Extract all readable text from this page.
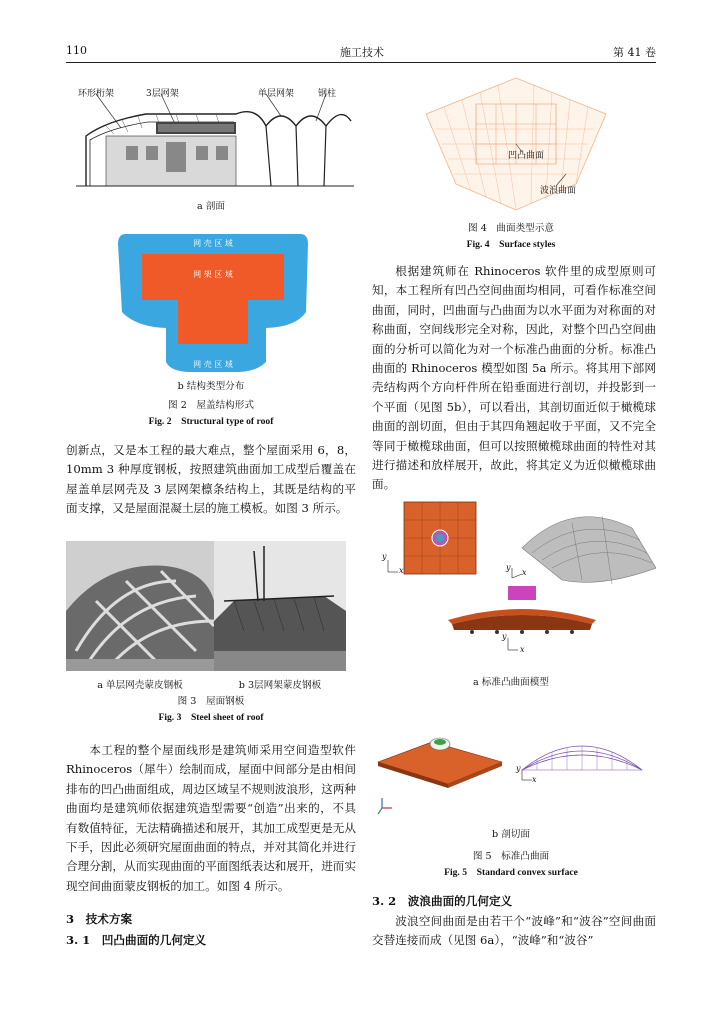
110	施工技术	第 41 卷
环形桁架	3层网架	单层网架	钢柱
a 剖面
网 壳 区 域
网 架 区 域
网 壳 区 域
b 结构类型分布
图 2　屋盖结构形式
Fig. 2　Structural type of roof

创新点，又是本工程的最大难点，整个屋面采用 6，8，10mm 3 种厚度钢板，按照建筑曲面加工成型后覆盖在屋盖单层网壳及 3 层网架檩条结构上，其既是结构的平面支撑，又是屋面混凝土层的施工模板。如图 3 所示。

a 单层网壳蒙皮钢板	b 3层网架蒙皮钢板
图 3　屋面钢板
Fig. 3　Steel sheet of roof

本工程的整个屋面线形是建筑师采用空间造型软件 Rhinoceros（犀牛）绘制而成，屋面中间部分是由相间排布的凹凸曲面组成，周边区域呈不规则波浪形，这两种曲面均是建筑师依据建筑造型需要“创造”出来的，不具有数值特征，无法精确描述和展开，其加工成型更是无从下手，因此必须研究屋面曲面的特点，并对其简化并进行合理分割，从而实现曲面的平面图纸表达和展开，进而实现空间曲面蒙皮钢板的加工。如图 4 所示。

3　技术方案
3. 1　凹凸曲面的几何定义
凹凸曲面
波浪曲面
图 4　曲面类型示意
Fig. 4　Surface styles

根据建筑师在 Rhinoceros 软件里的成型原则可知，本工程所有凹凸空间曲面均相同，可看作标准空间曲面，同时，凹曲面与凸曲面为以水平面为对称面的对称曲面，空间线形完全对称，因此，对整个凹凸空间曲面的分析可以简化为对一个标准凸曲面的分析。标准凸曲面的 Rhinoceros 模型如图 5a 所示。将其用下部网壳结构两个方向杆件所在铅垂面进行剖切，并投影到一个平面（见图 5b），可以看出，其剖切面近似于橄榄球曲面的剖切面，但由于其四角翘起收于平面，又不完全等同于橄榄球曲面，但可以按照橄榄球曲面的特性对其进行描述和放样展开，故此，将其定义为近似橄榄球曲面。

y
x	y
x
y
x
a 标准凸曲面模型
y
x
b 剖切面
图 5　标准凸曲面
Fig. 5　Standard convex surface
3. 2　波浪曲面的几何定义

波浪空间曲面是由若干个“波峰”和“波谷”空间曲面交替连接而成（见图 6a），“波峰”和“波谷”
